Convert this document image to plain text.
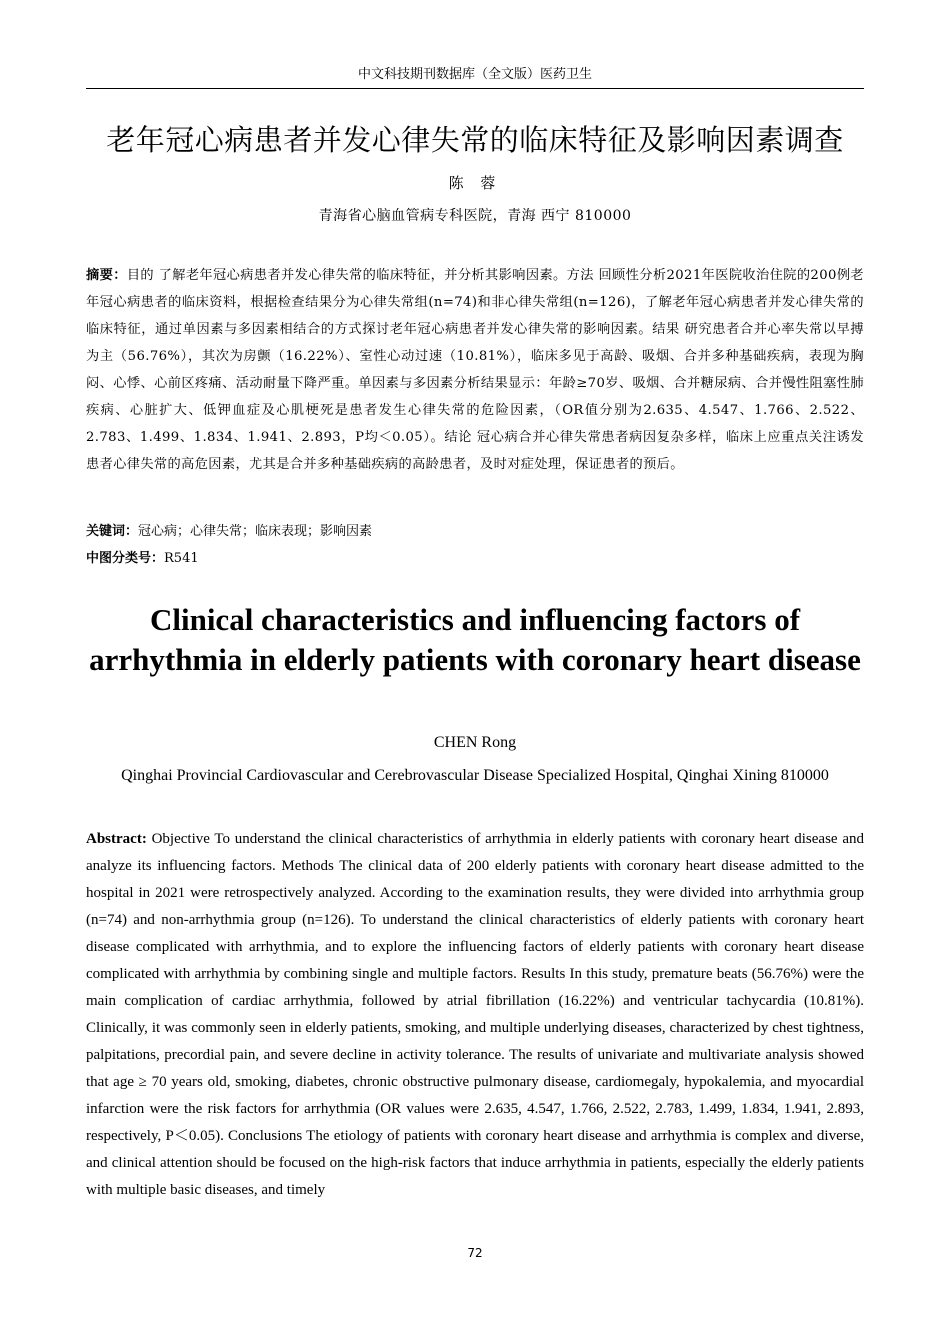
中文科技期刊数据库（全文版）医药卫生
老年冠心病患者并发心律失常的临床特征及影响因素调查
陈 蓉
青海省心脑血管病专科医院，青海 西宁 810000
摘要：目的 了解老年冠心病患者并发心律失常的临床特征，并分析其影响因素。方法 回顾性分析2021年医院收治住院的200例老年冠心病患者的临床资料，根据检查结果分为心律失常组(n=74)和非心律失常组(n=126)，了解老年冠心病患者并发心律失常的临床特征，通过单因素与多因素相结合的方式探讨老年冠心病患者并发心律失常的影响因素。结果 研究患者合并心率失常以早搏为主（56.76%），其次为房颤（16.22%）、室性心动过速（10.81%），临床多见于高龄、吸烟、合并多种基础疾病，表现为胸闷、心悸、心前区疼痛、活动耐量下降严重。单因素与多因素分析结果显示：年龄≥70岁、吸烟、合并糖尿病、合并慢性阻塞性肺疾病、心脏扩大、低钾血症及心肌梗死是患者发生心律失常的危险因素，（OR值分别为2.635、4.547、1.766、2.522、2.783、1.499、1.834、1.941、2.893，P均＜0.05）。结论 冠心病合并心律失常患者病因复杂多样，临床上应重点关注诱发患者心律失常的高危因素，尤其是合并多种基础疾病的高龄患者，及时对症处理，保证患者的预后。
关键词：冠心病；心律失常；临床表现；影响因素
中图分类号：R541
Clinical characteristics and influencing factors of arrhythmia in elderly patients with coronary heart disease
CHEN Rong
Qinghai Provincial Cardiovascular and Cerebrovascular Disease Specialized Hospital, Qinghai Xining 810000
Abstract: Objective To understand the clinical characteristics of arrhythmia in elderly patients with coronary heart disease and analyze its influencing factors. Methods The clinical data of 200 elderly patients with coronary heart disease admitted to the hospital in 2021 were retrospectively analyzed. According to the examination results, they were divided into arrhythmia group (n=74) and non-arrhythmia group (n=126). To understand the clinical characteristics of elderly patients with coronary heart disease complicated with arrhythmia, and to explore the influencing factors of elderly patients with coronary heart disease complicated with arrhythmia by combining single and multiple factors. Results In this study, premature beats (56.76%) were the main complication of cardiac arrhythmia, followed by atrial fibrillation (16.22%) and ventricular tachycardia (10.81%). Clinically, it was commonly seen in elderly patients, smoking, and multiple underlying diseases, characterized by chest tightness, palpitations, precordial pain, and severe decline in activity tolerance. The results of univariate and multivariate analysis showed that age ≥ 70 years old, smoking, diabetes, chronic obstructive pulmonary disease, cardiomegaly, hypokalemia, and myocardial infarction were the risk factors for arrhythmia (OR values were 2.635, 4.547, 1.766, 2.522, 2.783, 1.499, 1.834, 1.941, 2.893, respectively, P＜0.05). Conclusions The etiology of patients with coronary heart disease and arrhythmia is complex and diverse, and clinical attention should be focused on the high-risk factors that induce arrhythmia in patients, especially the elderly patients with multiple basic diseases, and timely
72
